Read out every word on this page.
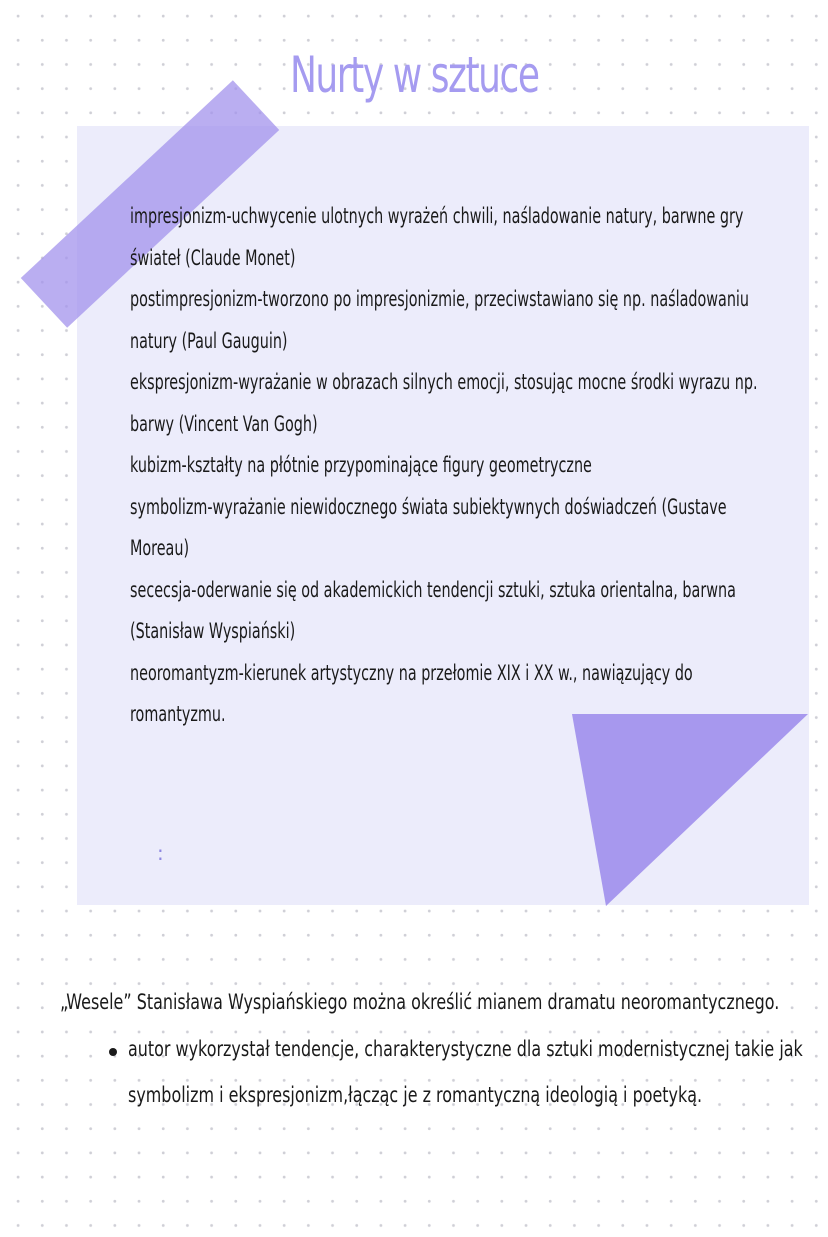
Nurty w sztuce
impresjonizm-uchwycenie ulotnych wyrażeń chwili, naśladowanie natury, barwne gry
świateł (Claude Monet)
postimpresjonizm-tworzono po impresjonizmie, przeciwstawiano się np. naśladowaniu
natury (Paul Gauguin)
ekspresjonizm-wyrażanie w obrazach silnych emocji, stosując mocne środki wyrazu np.
barwy (Vincent Van Gogh)
kubizm-kształty na płótnie przypominające figury geometryczne
symbolizm-wyrażanie niewidocznego świata subiektywnych doświadczeń (Gustave
Moreau)
sececsja-oderwanie się od akademickich tendencji sztuki, sztuka orientalna, barwna
(Stanisław Wyspiański)
neoromantyzm-kierunek artystyczny na przełomie XIX i XX w., nawiązujący do
romantyzmu.
:
„Wesele” Stanisława Wyspiańskiego można określić mianem dramatu neoromantycznego.
autor wykorzystał tendencje, charakterystyczne dla sztuki modernistycznej takie jak
symbolizm i ekspresjonizm,łącząc je z romantyczną ideologią i poetyką.
